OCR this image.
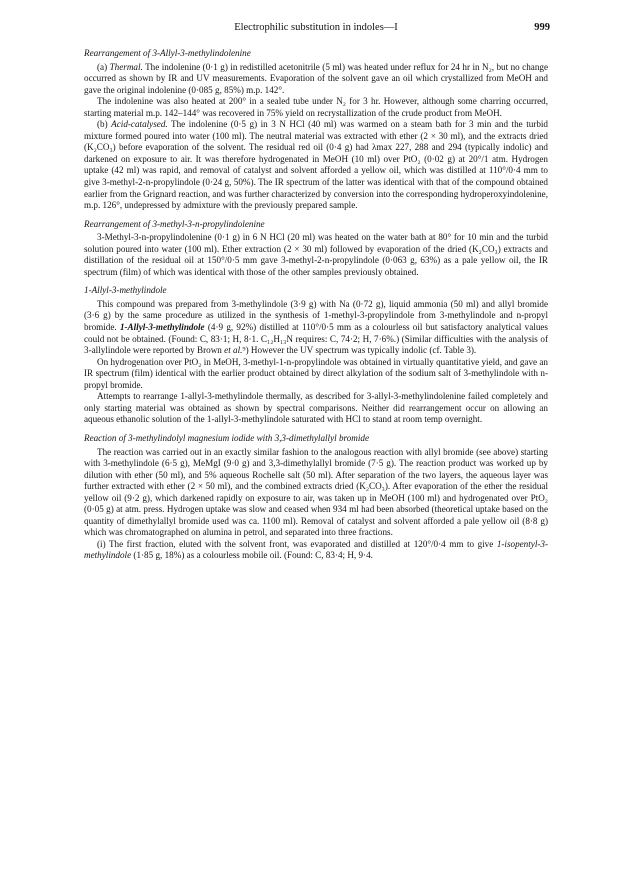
Electrophilic substitution in indoles—I	999

Rearrangement of 3-Allyl-3-methylindolenine

(a) Thermal. The indolenine (0·1 g) in redistilled acetonitrile (5 ml) was heated under reflux for 24 hr in N₂, but no change occurred as shown by IR and UV measurements. Evaporation of the solvent gave an oil which crystallized from MeOH and gave the original indolenine (0·085 g, 85%) m.p. 142°.

The indolenine was also heated at 200° in a sealed tube under N₂ for 3 hr. However, although some charring occurred, starting material m.p. 142–144° was recovered in 75% yield on recrystallization of the crude product from MeOH.

(b) Acid-catalysed. The indolenine (0·5 g) in 3 N HCl (40 ml) was warmed on a steam bath for 3 min and the turbid mixture formed poured into water (100 ml). The neutral material was extracted with ether (2 × 30 ml), and the extracts dried (K₂CO₃) before evaporation of the solvent. The residual red oil (0·4 g) had λmax 227, 288 and 294 (typically indolic) and darkened on exposure to air. It was therefore hydrogenated in MeOH (10 ml) over PtO₂ (0·02 g) at 20°/1 atm. Hydrogen uptake (42 ml) was rapid, and removal of catalyst and solvent afforded a yellow oil, which was distilled at 110°/0·4 mm to give 3-methyl-2-n-propylindole (0·24 g, 50%). The IR spectrum of the latter was identical with that of the compound obtained earlier from the Grignard reaction, and was further characterized by conversion into the corresponding hydroperoxyindolenine, m.p. 126°, undepressed by admixture with the previously prepared sample.

Rearrangement of 3-methyl-3-n-propylindolenine

3-Methyl-3-n-propylindolenine (0·1 g) in 6 N HCl (20 ml) was heated on the water bath at 80° for 10 min and the turbid solution poured into water (100 ml). Ether extraction (2 × 30 ml) followed by evaporation of the dried (K₂CO₃) extracts and distillation of the residual oil at 150°/0·5 mm gave 3-methyl-2-n-propylindole (0·063 g, 63%) as a pale yellow oil, the IR spectrum (film) of which was identical with those of the other samples previously obtained.

1-Allyl-3-methylindole

This compound was prepared from 3-methylindole (3·9 g) with Na (0·72 g), liquid ammonia (50 ml) and allyl bromide (3·6 g) by the same procedure as utilized in the synthesis of 1-methyl-3-propylindole from 3-methylindole and n-propyl bromide. 1-Allyl-3-methylindole (4·9 g, 92%) distilled at 110°/0·5 mm as a colourless oil but satisfactory analytical values could not be obtained. (Found: C, 83·1; H, 8·1. C₁₂H₁₃N requires: C, 74·2; H, 7·6%.) (Similar difficulties with the analysis of 3-allylindole were reported by Brown et al.⁹) However the UV spectrum was typically indolic (cf. Table 3).

On hydrogenation over PtO₂ in MeOH, 3-methyl-1-n-propylindole was obtained in virtually quantitative yield, and gave an IR spectrum (film) identical with the earlier product obtained by direct alkylation of the sodium salt of 3-methylindole with n-propyl bromide.

Attempts to rearrange 1-allyl-3-methylindole thermally, as described for 3-allyl-3-methylindolenine failed completely and only starting material was obtained as shown by spectral comparisons. Neither did rearrangement occur on allowing an aqueous ethanolic solution of the 1-allyl-3-methylindole saturated with HCl to stand at room temp overnight.

Reaction of 3-methylindolyl magnesium iodide with 3,3-dimethylallyl bromide

The reaction was carried out in an exactly similar fashion to the analogous reaction with allyl bromide (see above) starting with 3-methylindole (6·5 g), MeMgI (9·0 g) and 3,3-dimethylallyl bromide (7·5 g). The reaction product was worked up by dilution with ether (50 ml), and 5% aqueous Rochelle salt (50 ml). After separation of the two layers, the aqueous layer was further extracted with ether (2 × 50 ml), and the combined extracts dried (K₂CO₃). After evaporation of the ether the residual yellow oil (9·2 g), which darkened rapidly on exposure to air, was taken up in MeOH (100 ml) and hydrogenated over PtO₂ (0·05 g) at atm. press. Hydrogen uptake was slow and ceased when 934 ml had been absorbed (theoretical uptake based on the quantity of dimethylallyl bromide used was ca. 1100 ml). Removal of catalyst and solvent afforded a pale yellow oil (8·8 g) which was chromatographed on alumina in petrol, and separated into three fractions.

(i) The first fraction, eluted with the solvent front, was evaporated and distilled at 120°/0·4 mm to give 1-isopentyl-3-methylindole (1·85 g, 18%) as a colourless mobile oil. (Found: C, 83·4; H, 9·4.
